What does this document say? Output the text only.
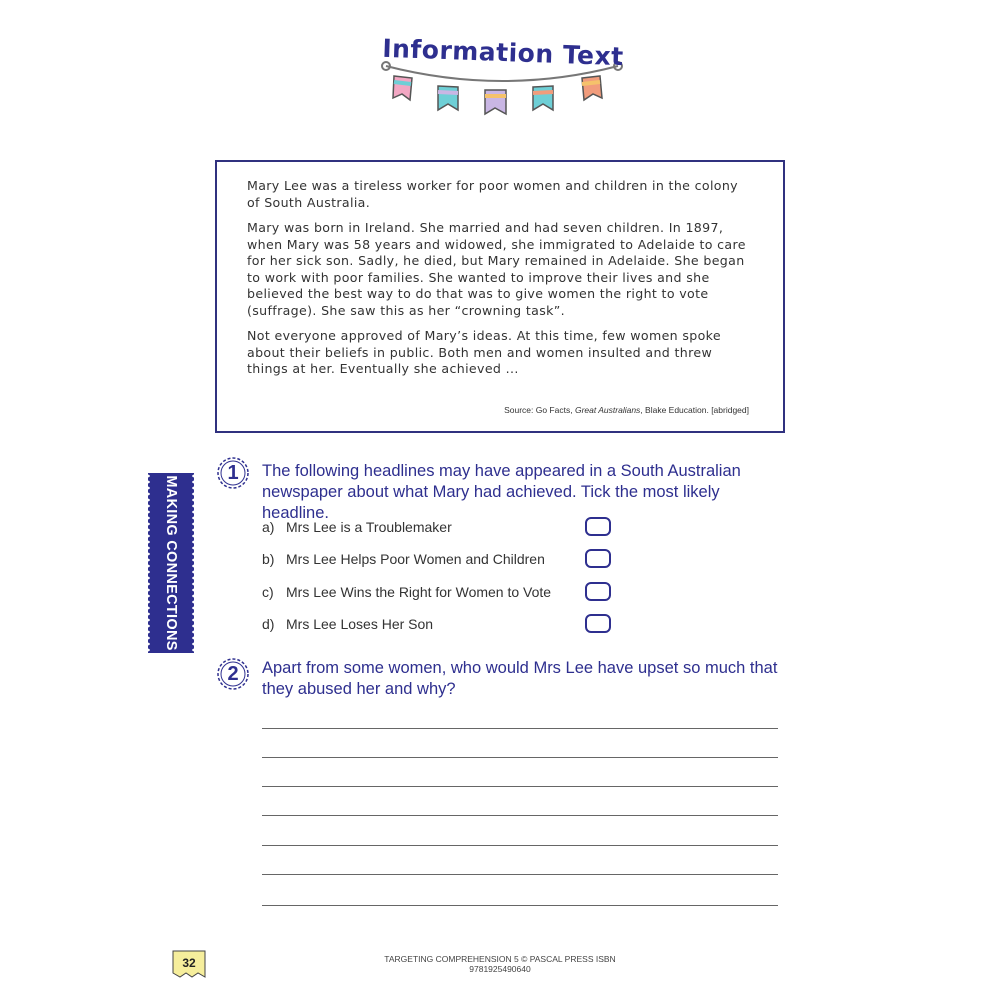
Information Text

Mary Lee was a tireless worker for poor women and children in the colony of South Australia.

Mary was born in Ireland. She married and had seven children. In 1897, when Mary was 58 years and widowed, she immigrated to Adelaide to care for her sick son. Sadly, he died, but Mary remained in Adelaide. She began to work with poor families. She wanted to improve their lives and she believed the best way to do that was to give women the right to vote (suffrage). She saw this as her “crowning task”.

Not everyone approved of Mary’s ideas. At this time, few women spoke about their beliefs in public. Both men and women insulted and threw things at her. Eventually she achieved ...

Source: Go Facts, Great Australians, Blake Education. [abridged]
MAKING CONNECTIONS
1	The following headlines may have appeared in a South Australian newspaper about what Mary had achieved. Tick the most likely headline.
a) Mrs Lee is a Troublemaker
b) Mrs Lee Helps Poor Women and Children
c) Mrs Lee Wins the Right for Women to Vote
d) Mrs Lee Loses Her Son
2	Apart from some women, who would Mrs Lee have upset so much that they abused her and why?
32	TARGETING COMPREHENSION 5 © PASCAL PRESS ISBN 9781925490640
